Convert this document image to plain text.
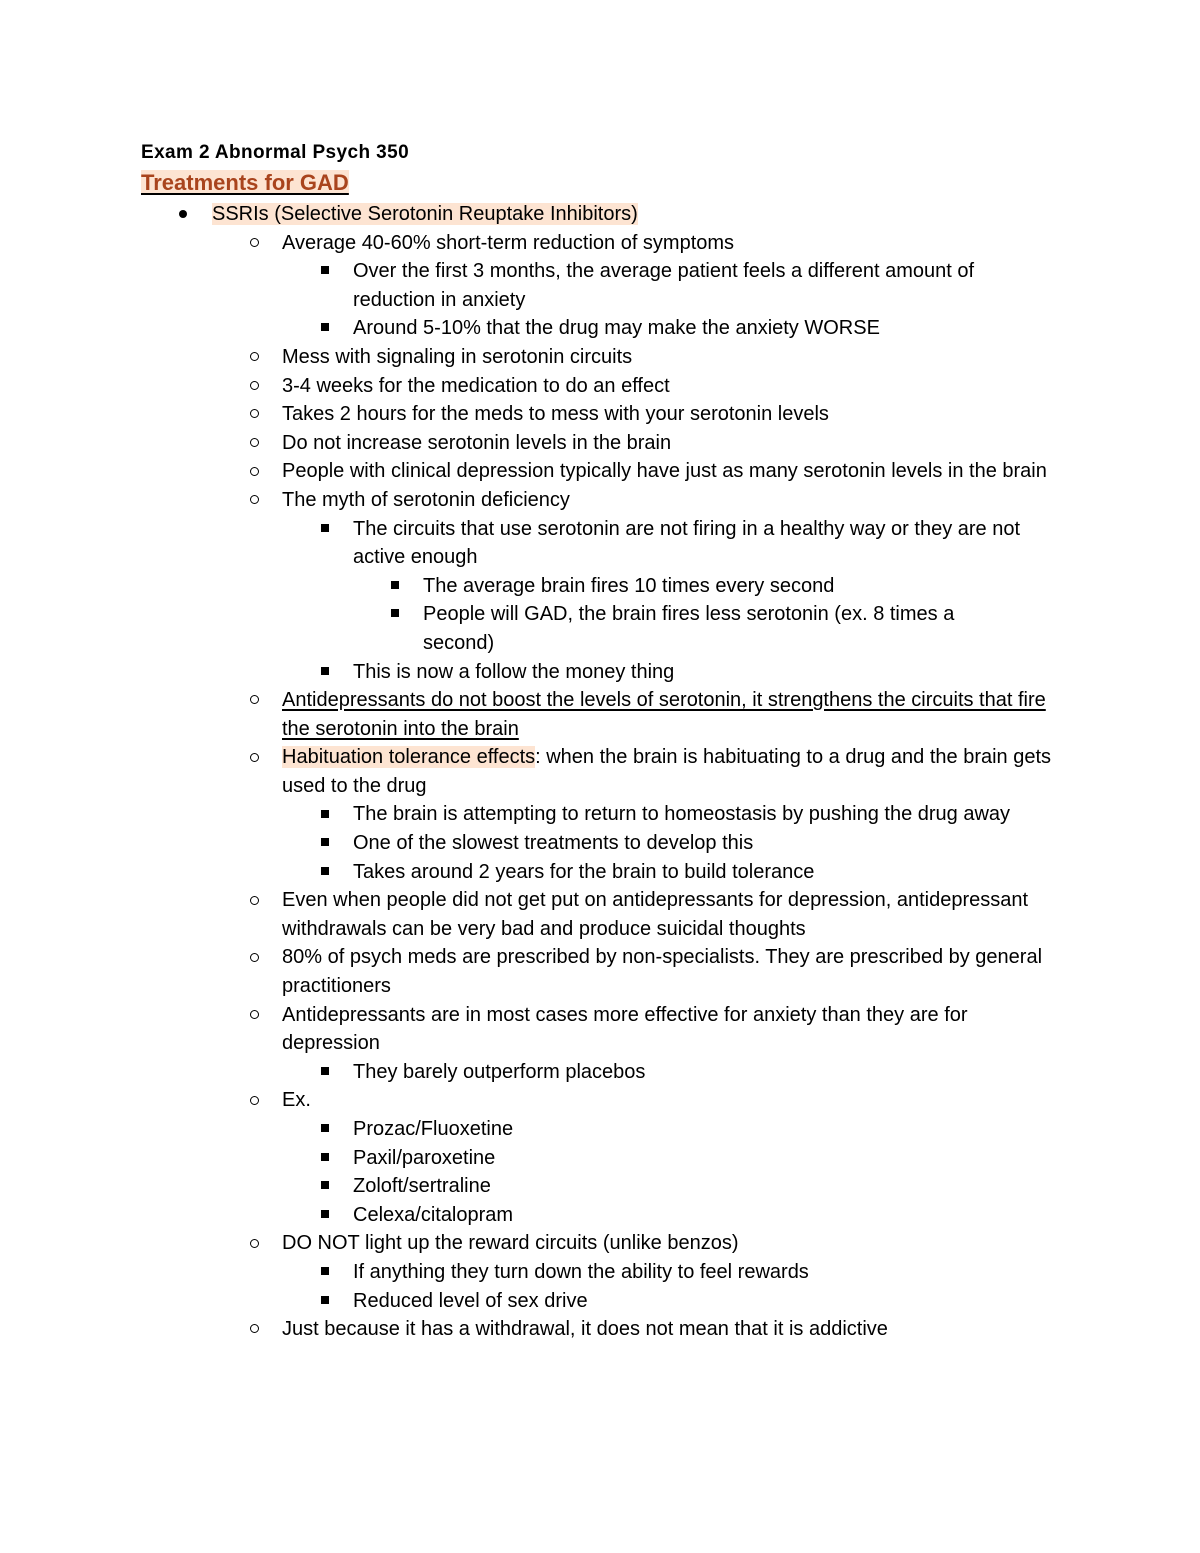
Exam 2 Abnormal Psych 350
Treatments for GAD
SSRIs (Selective Serotonin Reuptake Inhibitors)
Average 40-60% short-term reduction of symptoms
Over the first 3 months, the average patient feels a different amount of reduction in anxiety
Around 5-10% that the drug may make the anxiety WORSE
Mess with signaling in serotonin circuits
3-4 weeks for the medication to do an effect
Takes 2 hours for the meds to mess with your serotonin levels
Do not increase serotonin levels in the brain
People with clinical depression typically have just as many serotonin levels in the brain
The myth of serotonin deficiency
The circuits that use serotonin are not firing in a healthy way or they are not active enough
The average brain fires 10 times every second
People will GAD, the brain fires less serotonin (ex. 8 times a second)
This is now a follow the money thing
Antidepressants do not boost the levels of serotonin, it strengthens the circuits that fire the serotonin into the brain
Habituation tolerance effects: when the brain is habituating to a drug and the brain gets used to the drug
The brain is attempting to return to homeostasis by pushing the drug away
One of the slowest treatments to develop this
Takes around 2 years for the brain to build tolerance
Even when people did not get put on antidepressants for depression, antidepressant withdrawals can be very bad and produce suicidal thoughts
80% of psych meds are prescribed by non-specialists. They are prescribed by general practitioners
Antidepressants are in most cases more effective for anxiety than they are for depression
They barely outperform placebos
Ex.
Prozac/Fluoxetine
Paxil/paroxetine
Zoloft/sertraline
Celexa/citalopram
DO NOT light up the reward circuits (unlike benzos)
If anything they turn down the ability to feel rewards
Reduced level of sex drive
Just because it has a withdrawal, it does not mean that it is addictive
